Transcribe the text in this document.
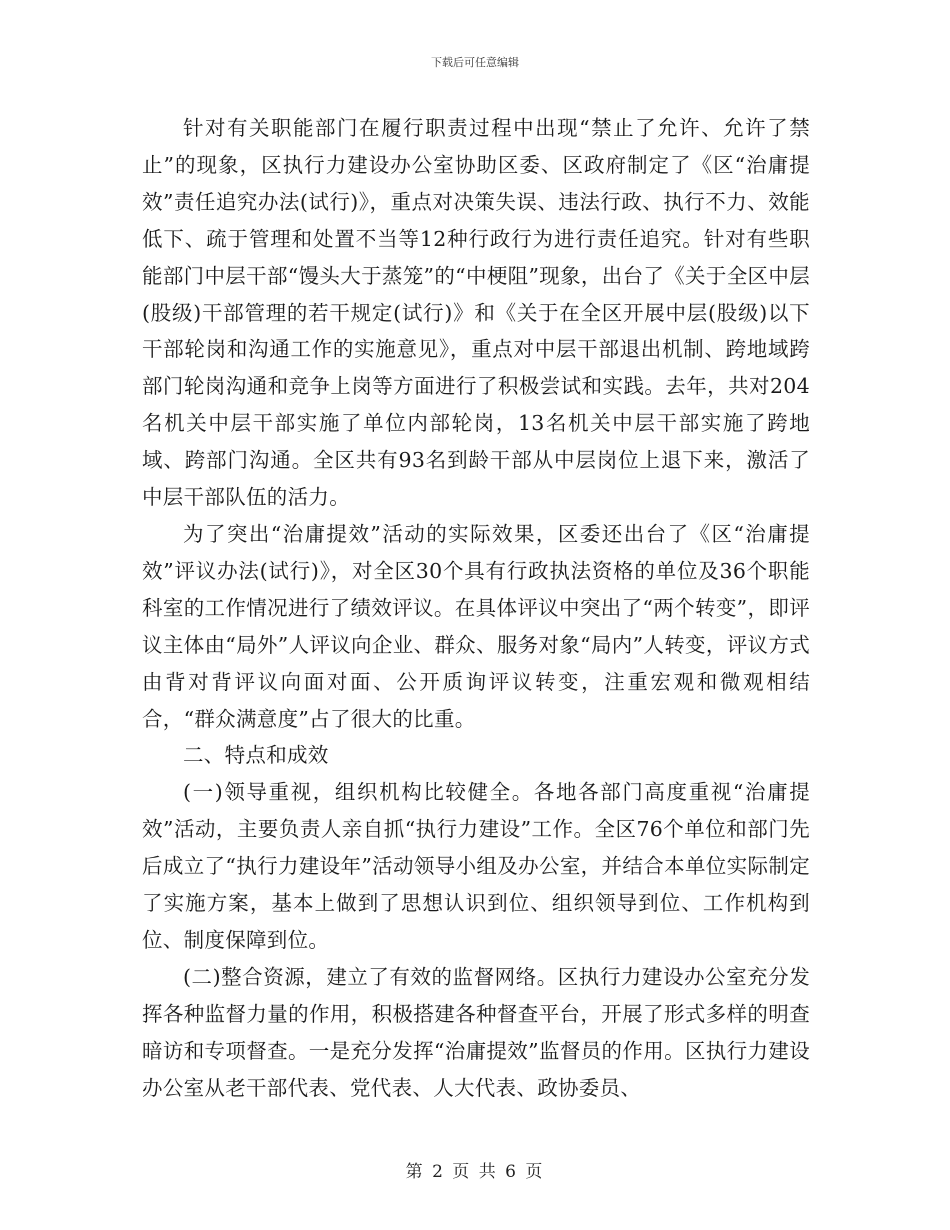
下载后可任意编辑

针对有关职能部门在履行职责过程中出现“禁止了允许、允许了禁止”的现象，区执行力建设办公室协助区委、区政府制定了《区“治庸提效”责任追究办法(试行)》，重点对决策失误、违法行政、执行不力、效能低下、疏于管理和处置不当等12种行政行为进行责任追究。针对有些职能部门中层干部“馒头大于蒸笼”的“中梗阻”现象，出台了《关于全区中层(股级)干部管理的若干规定(试行)》和《关于在全区开展中层(股级)以下干部轮岗和沟通工作的实施意见》，重点对中层干部退出机制、跨地域跨部门轮岗沟通和竞争上岗等方面进行了积极尝试和实践。去年，共对204名机关中层干部实施了单位内部轮岗，13名机关中层干部实施了跨地域、跨部门沟通。全区共有93名到龄干部从中层岗位上退下来，激活了中层干部队伍的活力。

为了突出“治庸提效”活动的实际效果，区委还出台了《区“治庸提效”评议办法(试行)》，对全区30个具有行政执法资格的单位及36个职能科室的工作情况进行了绩效评议。在具体评议中突出了“两个转变”，即评议主体由“局外”人评议向企业、群众、服务对象“局内”人转变，评议方式由背对背评议向面对面、公开质询评议转变，注重宏观和微观相结合，“群众满意度”占了很大的比重。

二、特点和成效

(一)领导重视，组织机构比较健全。各地各部门高度重视“治庸提效”活动，主要负责人亲自抓“执行力建设”工作。全区76个单位和部门先后成立了“执行力建设年”活动领导小组及办公室，并结合本单位实际制定了实施方案，基本上做到了思想认识到位、组织领导到位、工作机构到位、制度保障到位。

(二)整合资源，建立了有效的监督网络。区执行力建设办公室充分发挥各种监督力量的作用，积极搭建各种督查平台，开展了形式多样的明查暗访和专项督查。一是充分发挥“治庸提效”监督员的作用。区执行力建设办公室从老干部代表、党代表、人大代表、政协委员、

第 2 页 共 6 页
